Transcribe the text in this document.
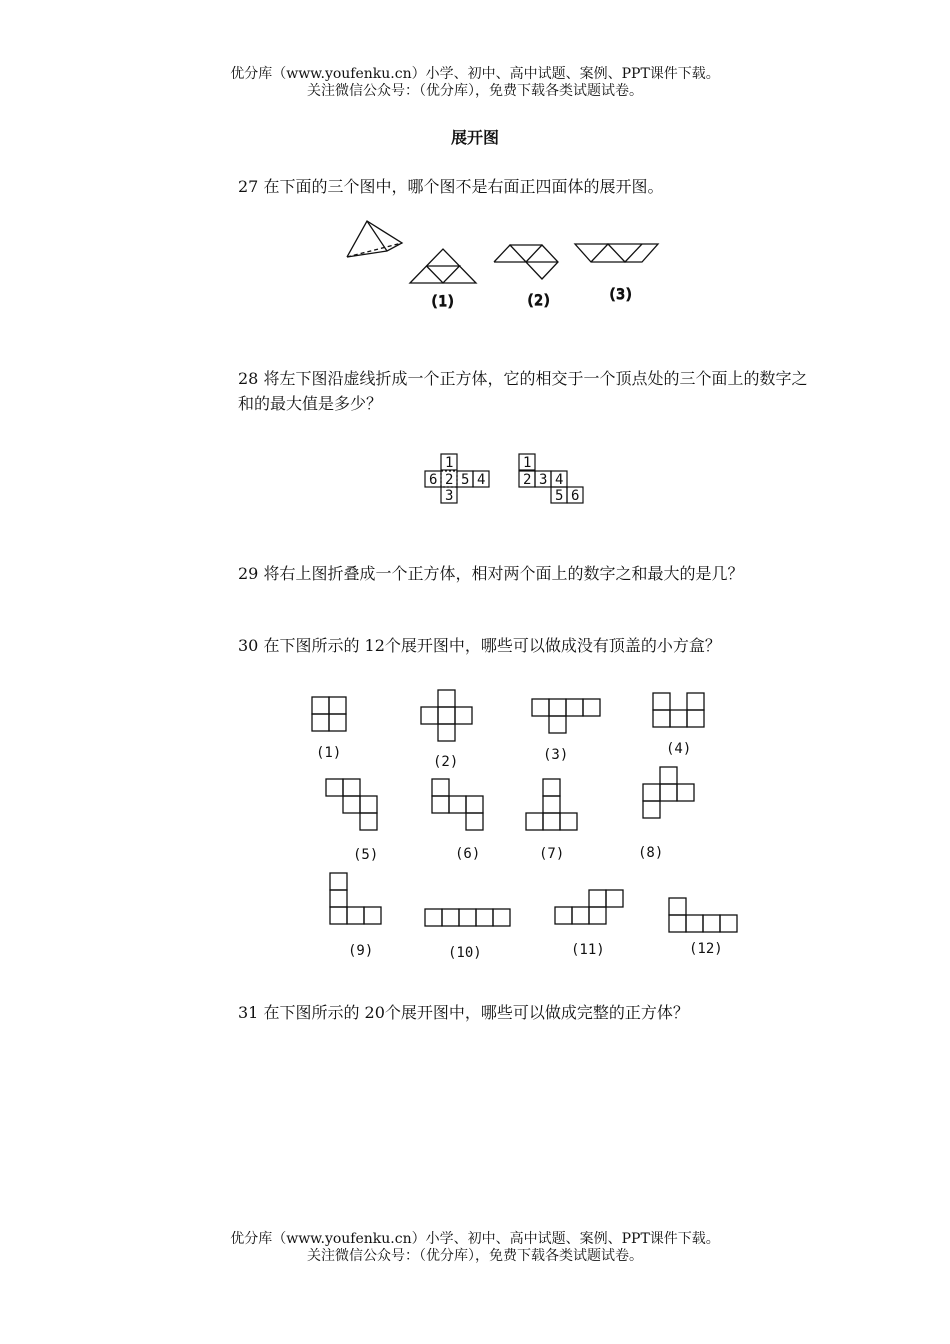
优分库（www.youfenku.cn）小学、初中、高中试题、案例、PPT课件下载。
关注微信公众号：（优分库），免费下载各类试题试卷。
展开图
27 在下面的三个图中，哪个图不是右面正四面体的展开图。
(1)	(2)	(3)
28 将左下图沿虚线折成一个正方体，它的相交于一个顶点处的三个面上的数字之和的最大值是多少？
1
6 2 5 4
3
1
2 3 4
5 6
29 将右上图折叠成一个正方体，相对两个面上的数字之和最大的是几？
30 在下图所示的 12个展开图中，哪些可以做成没有顶盖的小方盒？
(1)
(2)	(3)	(4)
(5)	(6)	(7)	(8)
(9)	(10)	(11)	(12)
31 在下图所示的 20个展开图中，哪些可以做成完整的正方体？
优分库（www.youfenku.cn）小学、初中、高中试题、案例、PPT课件下载。
关注微信公众号：（优分库），免费下载各类试题试卷。
